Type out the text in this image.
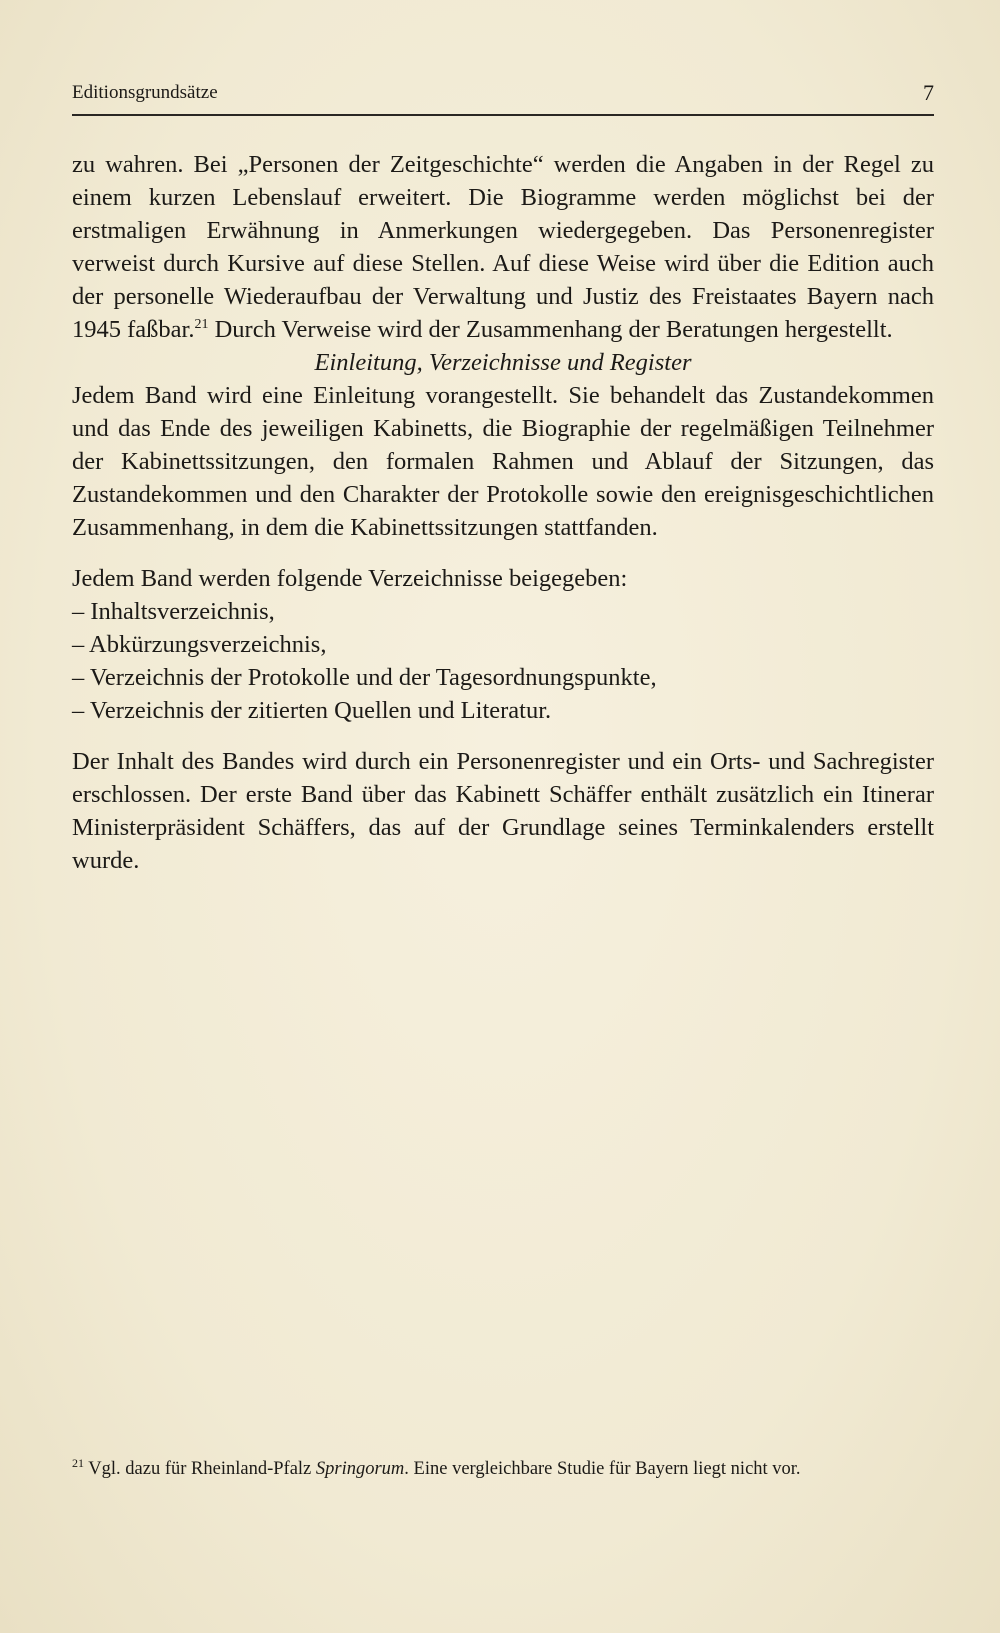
Editionsgrundsätze	7

zu wahren. Bei „Personen der Zeitgeschichte“ werden die Angaben in der Regel zu einem kurzen Lebenslauf erweitert. Die Biogramme werden möglichst bei der erstmaligen Erwähnung in Anmerkungen wiedergegeben. Das Personenregister verweist durch Kursive auf diese Stellen. Auf diese Weise wird über die Edition auch der personelle Wiederaufbau der Verwaltung und Justiz des Freistaates Bayern nach 1945 faßbar.$^{21}$ Durch Verweise wird der Zusammenhang der Beratungen hergestellt.

Einleitung, Verzeichnisse und Register

Jedem Band wird eine Einleitung vorangestellt. Sie behandelt das Zustandekommen und das Ende des jeweiligen Kabinetts, die Biographie der regelmäßigen Teilnehmer der Kabinettssitzungen, den formalen Rahmen und Ablauf der Sitzungen, das Zustandekommen und den Charakter der Protokolle sowie den ereignisgeschichtlichen Zusammenhang, in dem die Kabinettssitzungen stattfanden.

Jedem Band werden folgende Verzeichnisse beigegeben:

– Inhaltsverzeichnis,
– Abkürzungsverzeichnis,
– Verzeichnis der Protokolle und der Tagesordnungspunkte,
– Verzeichnis der zitierten Quellen und Literatur.

Der Inhalt des Bandes wird durch ein Personenregister und ein Orts- und Sachregister erschlossen. Der erste Band über das Kabinett Schäffer enthält zusätzlich ein Itinerar Ministerpräsident Schäffers, das auf der Grundlage seines Terminkalenders erstellt wurde.

$^{21}$ Vgl. dazu für Rheinland-Pfalz Springorum. Eine vergleichbare Studie für Bayern liegt nicht vor.
